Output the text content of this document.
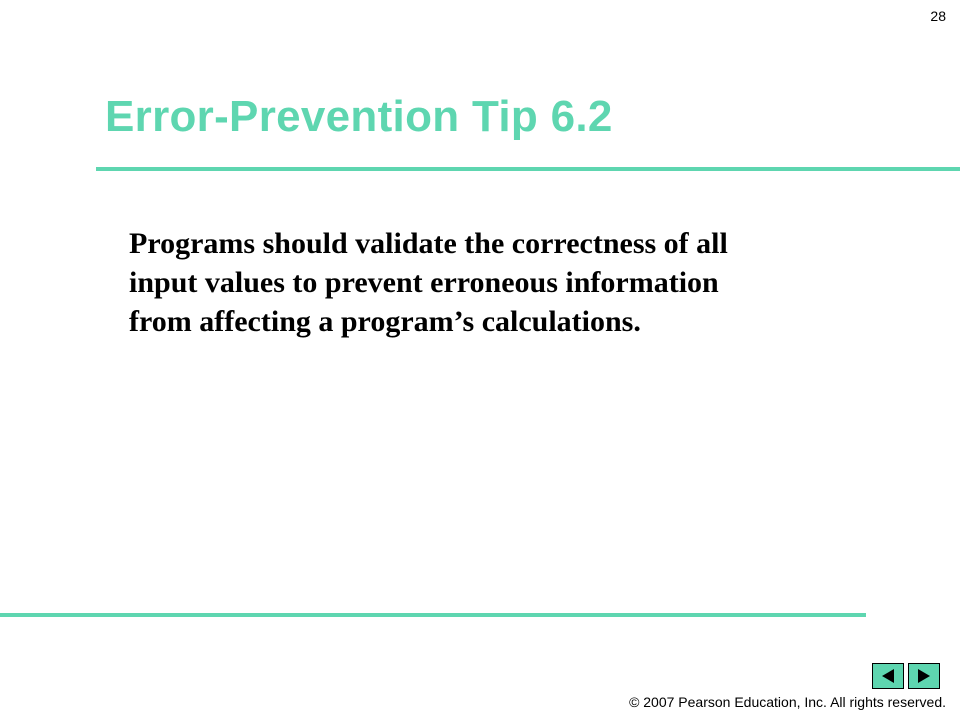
28
Error-Prevention Tip 6.2

Programs should validate the correctness of all
input values to prevent erroneous information
from affecting a program’s calculations.

© 2007 Pearson Education, Inc. All rights reserved.
